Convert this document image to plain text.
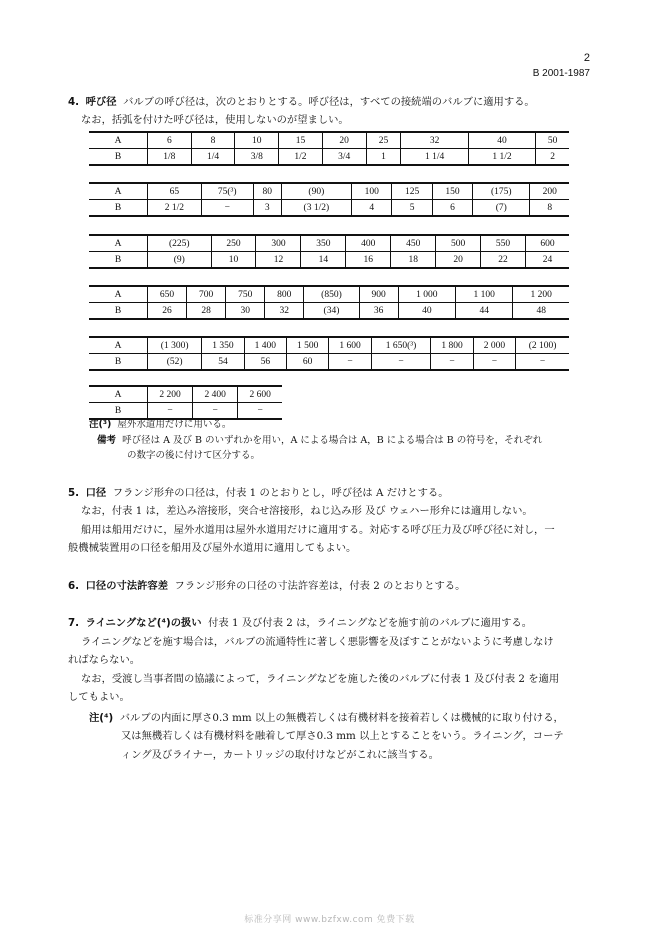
2
B 2001-1987
4. 呼び径 バルブの呼び径は，次のとおりとする。呼び径は，すべての接続端のバルブに適用する。
なお，括弧を付けた呼び径は，使用しないのが望ましい。
A	6	8	10	15	20	25	32	40	50
B	1/8	1/4	3/8	1/2	3/4	1	1 1/4	1 1/2	2
A	65	75(³)	80	(90)	100	125	150	(175)	200
B	2 1/2	−	3	(3 1/2)	4	5	6	(7)	8
A	(225)	250	300	350	400	450	500	550	600
B	(9)	10	12	14	16	18	20	22	24
A	650	700	750	800	(850)	900	1 000	1 100	1 200
B	26	28	30	32	(34)	36	40	44	48
A	(1 300)	1 350	1 400	1 500	1 600	1 650(³)	1 800	2 000	(2 100)
B	(52)	54	56	60	−	−	−	−	−
A	2 200	2 400	2 600
B	−	−	−
注(³) 屋外水道用だけに用いる。
備考 呼び径は A 及び B のいずれかを用い，A による場合は A，B による場合は B の符号を，それぞれ
の数字の後に付けて区分する。
5. 口径 フランジ形弁の口径は，付表 1 のとおりとし，呼び径は A だけとする。
なお，付表 1 は，差込み溶接形，突合せ溶接形，ねじ込み形 及び ウェハー形弁には適用しない。
船用は船用だけに，屋外水道用は屋外水道用だけに適用する。対応する呼び圧力及び呼び径に対し，一
般機械装置用の口径を船用及び屋外水道用に適用してもよい。
6. 口径の寸法許容差 フランジ形弁の口径の寸法許容差は，付表 2 のとおりとする。
7. ライニングなど(⁴)の扱い 付表 1 及び付表 2 は，ライニングなどを施す前のバルブに適用する。
ライニングなどを施す場合は，バルブの流通特性に著しく悪影響を及ぼすことがないように考慮しなけ
ればならない。
なお，受渡し当事者間の協議によって，ライニングなどを施した後のバルブに付表 1 及び付表 2 を適用
してもよい。
注(⁴) バルブの内面に厚さ0.3 mm 以上の無機若しくは有機材料を接着若しくは機械的に取り付ける，
又は無機若しくは有機材料を融着して厚さ0.3 mm 以上とすることをいう。ライニング，コーテ
ィング及びライナー，カートリッジの取付けなどがこれに該当する。
标准分享网 www.bzfxw.com 免费下载
